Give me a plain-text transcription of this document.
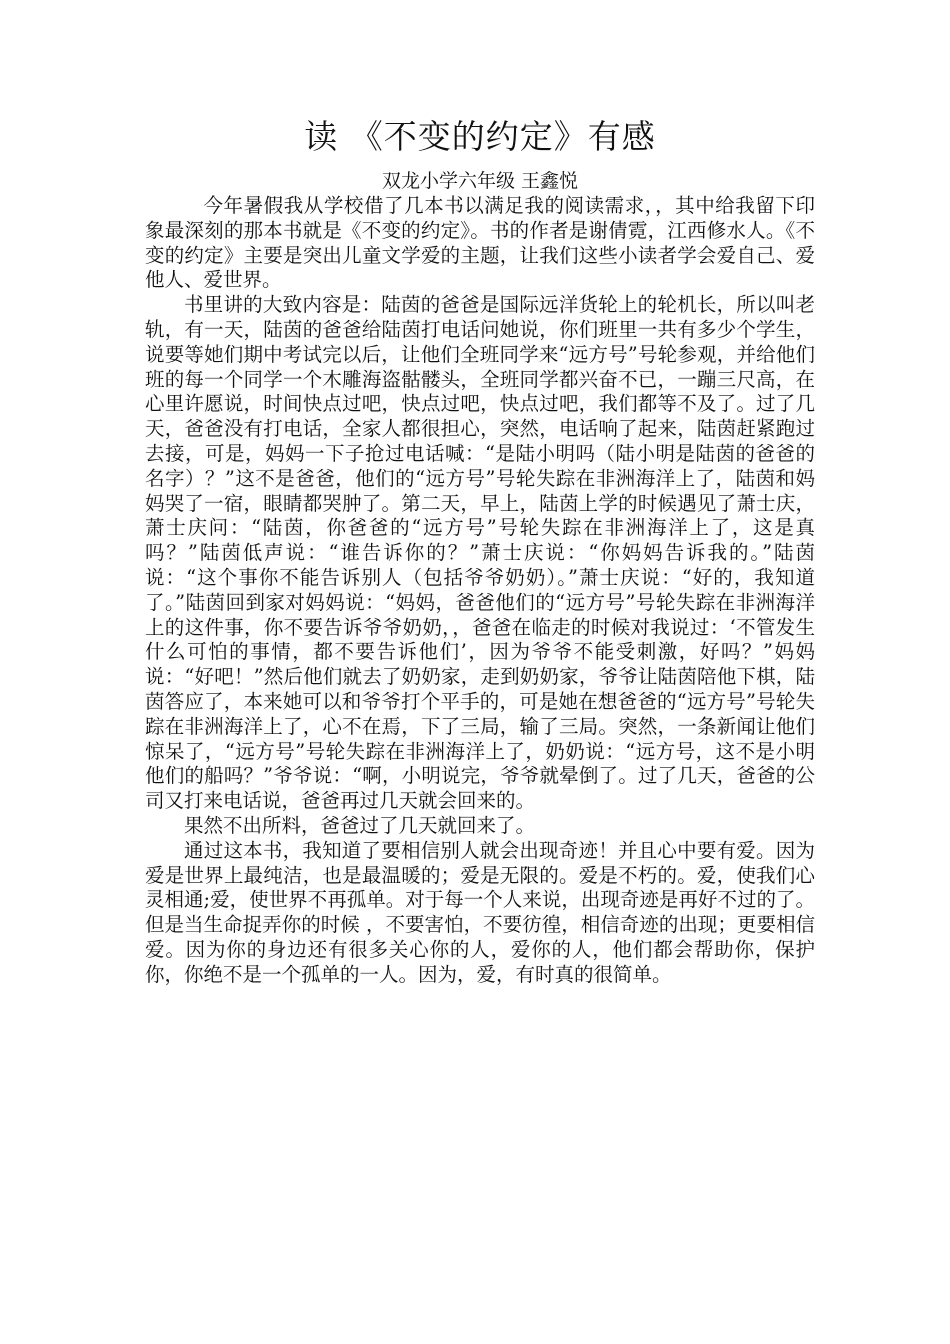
读 《不变的约定》有感
双龙小学六年级 王鑫悦

今年暑假我从学校借了几本书以满足我的阅读需求，，其中给我留下印象最深刻的那本书就是《不变的约定》。书的作者是谢倩霓，江西修水人。《不变的约定》主要是突出儿童文学爱的主题，让我们这些小读者学会爱自己、爱他人、爱世界。

书里讲的大致内容是：陆茵的爸爸是国际远洋货轮上的轮机长，所以叫老轨，有一天，陆茵的爸爸给陆茵打电话问她说，你们班里一共有多少个学生，说要等她们期中考试完以后，让他们全班同学来“远方号”号轮参观，并给他们班的每一个同学一个木雕海盗骷髅头，全班同学都兴奋不已，一蹦三尺高，在心里许愿说，时间快点过吧，快点过吧，快点过吧，我们都等不及了。过了几天，爸爸没有打电话，全家人都很担心，突然，电话响了起来，陆茵赶紧跑过去接，可是，妈妈一下子抢过电话喊：“是陆小明吗（陆小明是陆茵的爸爸的名字）？”这不是爸爸，他们的“远方号”号轮失踪在非洲海洋上了，陆茵和妈妈哭了一宿，眼睛都哭肿了。第二天，早上，陆茵上学的时候遇见了萧士庆，萧士庆问：“陆茵，你爸爸的“远方号”号轮失踪在非洲海洋上了，这是真吗？”陆茵低声说：“谁告诉你的？”萧士庆说：“你妈妈告诉我的。”陆茵说：“这个事你不能告诉别人（包括爷爷奶奶）。”萧士庆说：“好的，我知道了。”陆茵回到家对妈妈说：“妈妈，爸爸他们的“远方号”号轮失踪在非洲海洋上的这件事，你不要告诉爷爷奶奶，，爸爸在临走的时候对我说过：‘不管发生什么可怕的事情，都不要告诉他们’，因为爷爷不能受刺激，好吗？”妈妈说：“好吧！”然后他们就去了奶奶家，走到奶奶家，爷爷让陆茵陪他下棋，陆茵答应了，本来她可以和爷爷打个平手的，可是她在想爸爸的“远方号”号轮失踪在非洲海洋上了，心不在焉，下了三局，输了三局。突然，一条新闻让他们惊呆了，“远方号”号轮失踪在非洲海洋上了，奶奶说：“远方号，这不是小明他们的船吗？”爷爷说：“啊，小明说完，爷爷就晕倒了。过了几天，爸爸的公司又打来电话说，爸爸再过几天就会回来的。

果然不出所料，爸爸过了几天就回来了。

通过这本书，我知道了要相信别人就会出现奇迹！并且心中要有爱。因为爱是世界上最纯洁，也是最温暖的；爱是无限的。爱是不朽的。爱，使我们心灵相通;爱，使世界不再孤单。对于每一个人来说，出现奇迹是再好不过的了。但是当生命捉弄你的时候 ，不要害怕，不要彷徨，相信奇迹的出现；更要相信爱。因为你的身边还有很多关心你的人，爱你的人，他们都会帮助你，保护你，你绝不是一个孤单的一人。因为，爱，有时真的很简单。
